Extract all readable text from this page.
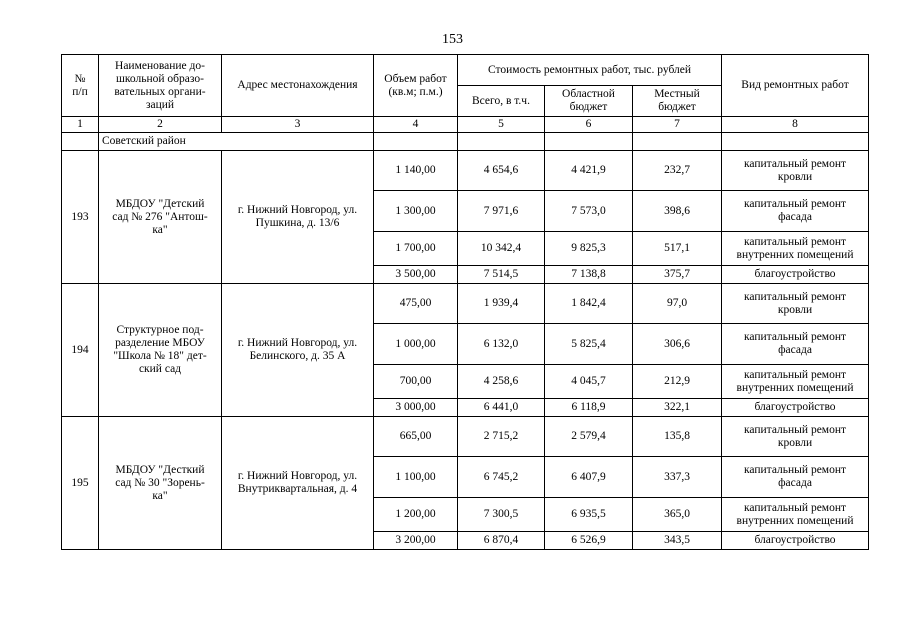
153
№
п/п	Наименование до-
школьной образо-
вательных органи-
заций	Адрес местонахождения	Объем работ
(кв.м; п.м.)	Стоимость ремонтных работ, тыс. рублей			Вид ремонтных работ
				Всего, в т.ч.	Областной
бюджет	Местный
бюджет	
1	2	3	4	5	6	7	8
	Советский район						
193	МБДОУ "Детский
сад № 276 "Антош-
ка"	г. Нижний Новгород, ул.
Пушкина, д. 13/6	1 140,00	4 654,6	4 421,9	232,7	капитальный ремонт
кровли
			1 300,00	7 971,6	7 573,0	398,6	капитальный ремонт
фасада
			1 700,00	10 342,4	9 825,3	517,1	капитальный ремонт
внутренних помещений
			3 500,00	7 514,5	7 138,8	375,7	благоустройство
194	Структурное под-
разделение МБОУ
"Школа № 18" дет-
ский сад	г. Нижний Новгород, ул.
Белинского, д. 35 А	475,00	1 939,4	1 842,4	97,0	капитальный ремонт
кровли
			1 000,00	6 132,0	5 825,4	306,6	капитальный ремонт
фасада
			700,00	4 258,6	4 045,7	212,9	капитальный ремонт
внутренних помещений
			3 000,00	6 441,0	6 118,9	322,1	благоустройство
195	МБДОУ "Десткий
сад № 30 "Зорень-
ка"	г. Нижний Новгород, ул.
Внутриквартальная, д. 4	665,00	2 715,2	2 579,4	135,8	капитальный ремонт
кровли
			1 100,00	6 745,2	6 407,9	337,3	капитальный ремонт
фасада
			1 200,00	7 300,5	6 935,5	365,0	капитальный ремонт
внутренних помещений
			3 200,00	6 870,4	6 526,9	343,5	благоустройство
